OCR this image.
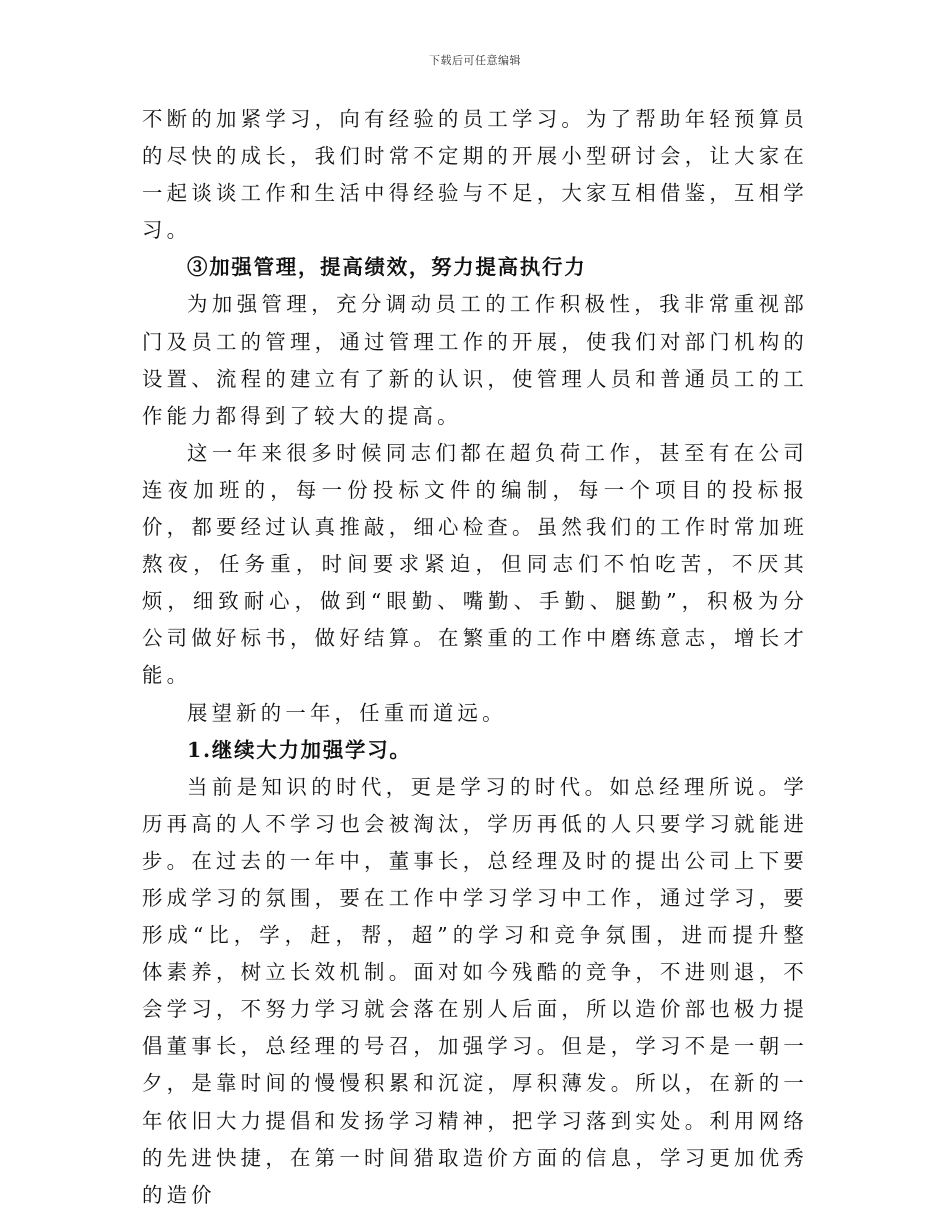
下载后可任意编辑

不断的加紧学习，向有经验的员工学习。为了帮助年轻预算员的尽快的成长，我们时常不定期的开展小型研讨会，让大家在一起谈谈工作和生活中得经验与不足，大家互相借鉴，互相学习。

③加强管理，提高绩效，努力提高执行力

为加强管理，充分调动员工的工作积极性，我非常重视部门及员工的管理，通过管理工作的开展，使我们对部门机构的设置、流程的建立有了新的认识，使管理人员和普通员工的工作能力都得到了较大的提高。

这一年来很多时候同志们都在超负荷工作，甚至有在公司连夜加班的，每一份投标文件的编制，每一个项目的投标报价，都要经过认真推敲，细心检查。虽然我们的工作时常加班熬夜，任务重，时间要求紧迫，但同志们不怕吃苦，不厌其烦，细致耐心，做到“眼勤、嘴勤、手勤、腿勤”，积极为分公司做好标书，做好结算。在繁重的工作中磨练意志，增长才能。

展望新的一年，任重而道远。

1.继续大力加强学习。

当前是知识的时代，更是学习的时代。如总经理所说。学历再高的人不学习也会被淘汰，学历再低的人只要学习就能进步。在过去的一年中，董事长，总经理及时的提出公司上下要形成学习的氛围，要在工作中学习学习中工作，通过学习，要形成“比，学，赶，帮，超”的学习和竞争氛围，进而提升整体素养，树立长效机制。面对如今残酷的竞争，不进则退，不会学习，不努力学习就会落在别人后面，所以造价部也极力提倡董事长，总经理的号召，加强学习。但是，学习不是一朝一夕，是靠时间的慢慢积累和沉淀，厚积薄发。所以，在新的一年依旧大力提倡和发扬学习精神，把学习落到实处。利用网络的先进快捷，在第一时间猎取造价方面的信息，学习更加优秀的造价
